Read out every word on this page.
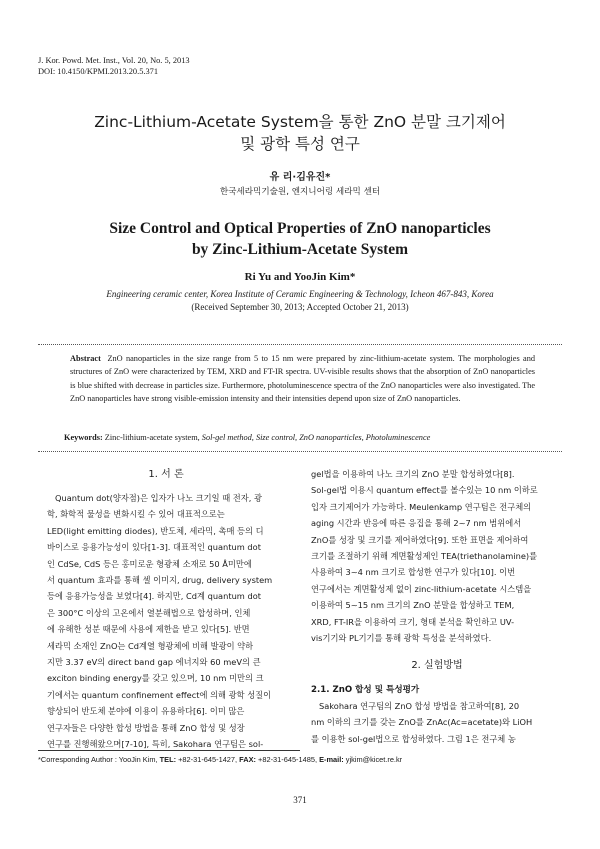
J. Kor. Powd. Met. Inst., Vol. 20, No. 5, 2013
DOI: 10.4150/KPMI.2013.20.5.371
Zinc-Lithium-Acetate System을 통한 ZnO 분말 크기제어
및 광학 특성 연구
유 리·김유진*
한국세라믹기술원, 엔지니어링 세라믹 센터
Size Control and Optical Properties of ZnO nanoparticles
by Zinc-Lithium-Acetate System
Ri Yu and YooJin Kim*
Engineering ceramic center, Korea Institute of Ceramic Engineering & Technology, Icheon 467-843, Korea
(Received September 30, 2013; Accepted October 21, 2013)
Abstract ZnO nanoparticles in the size range from 5 to 15 nm were prepared by zinc-lithium-acetate system. The morphologies and structures of ZnO were characterized by TEM, XRD and FT-IR spectra. UV-visible results shows that the absorption of ZnO nanoparticles is blue shifted with decrease in particles size. Furthermore, photoluminescence spectra of the ZnO nanoparticles were also investigated. The ZnO nanoparticles have strong visible-emission intensity and their intensities depend upon size of ZnO nanoparticles.
Keywords: Zinc-lithium-acetate system, Sol-gel method, Size control, ZnO nanoparticles, Photoluminescence
1. 서 론
Quantum dot(양자점)은 입자가 나노 크기일 때 전자, 광
학, 화학적 물성을 변화시킬 수 있어 대표적으로는
LED(light emitting diodes), 반도체, 세라믹, 촉매 등의 디
바이스로 응용가능성이 있다[1-3]. 대표적인 quantum dot
인 CdSe, CdS 등은 홍미로운 형광체 소재로 50 Å미만에
서 quantum 효과를 통해 셀 이미지, drug, delivery system
등에 응용가능성을 보였다[4]. 하지만, Cd계 quantum dot
은 300°C 이상의 고온에서 열분해법으로 합성하며, 인체
에 유해한 성분 때문에 사용에 제한을 받고 있다[5]. 반면
세라믹 소재인 ZnO는 Cd계열 형광체에 비해 발광이 약하
지만 3.37 eV의 direct band gap 에너지와 60 meV의 큰
exciton binding energy를 갖고 있으며, 10 nm 미만의 크
기에서는 quantum confinement effect에 의해 광학 성질이
향상되어 반도체 분야에 이용이 유용하다[6]. 이미 많은
연구자들은 다양한 합성 방법을 통해 ZnO 합성 및 성장
연구를 진행해왔으며[7-10], 특히, Sakohara 연구팀은 sol-
gel법을 이용하여 나노 크기의 ZnO 분말 합성하였다[8].
Sol-gel법 이용시 quantum effect를 볼수있는 10 nm 이하로
입자 크기제어가 가능하다. Meulenkamp 연구팀은 전구체의
aging 시간과 반응에 따른 응집을 통해 2~7 nm 범위에서
ZnO를 성장 및 크기를 제어하였다[9]. 또한 표면을 제어하여
크기를 조절하기 위해 계면활성제인 TEA(triethanolamine)를
사용하여 3~4 nm 크기로 합성한 연구가 있다[10]. 이번
연구에서는 계면활성제 없이 zinc-lithium-acetate 시스템을
이용하여 5~15 nm 크기의 ZnO 분말을 합성하고 TEM,
XRD, FT-IR을 이용하여 크기, 형태 분석을 확인하고 UV-
vis기기와 PL기기를 통해 광학 특성을 분석하였다.
2. 실험방법
2.1. ZnO 합성 및 특성평가
Sakohara 연구팀의 ZnO 합성 방법을 참고하여[8], 20
nm 이하의 크기를 갖는 ZnO를 ZnAc(Ac=acetate)와 LiOH
를 이용한 sol-gel법으로 합성하였다. 그림 1은 전구체 농
*Corresponding Author : YooJin Kim, TEL: +82-31-645-1427, FAX: +82-31-645-1485, E-mail: yjkim@kicet.re.kr
371
